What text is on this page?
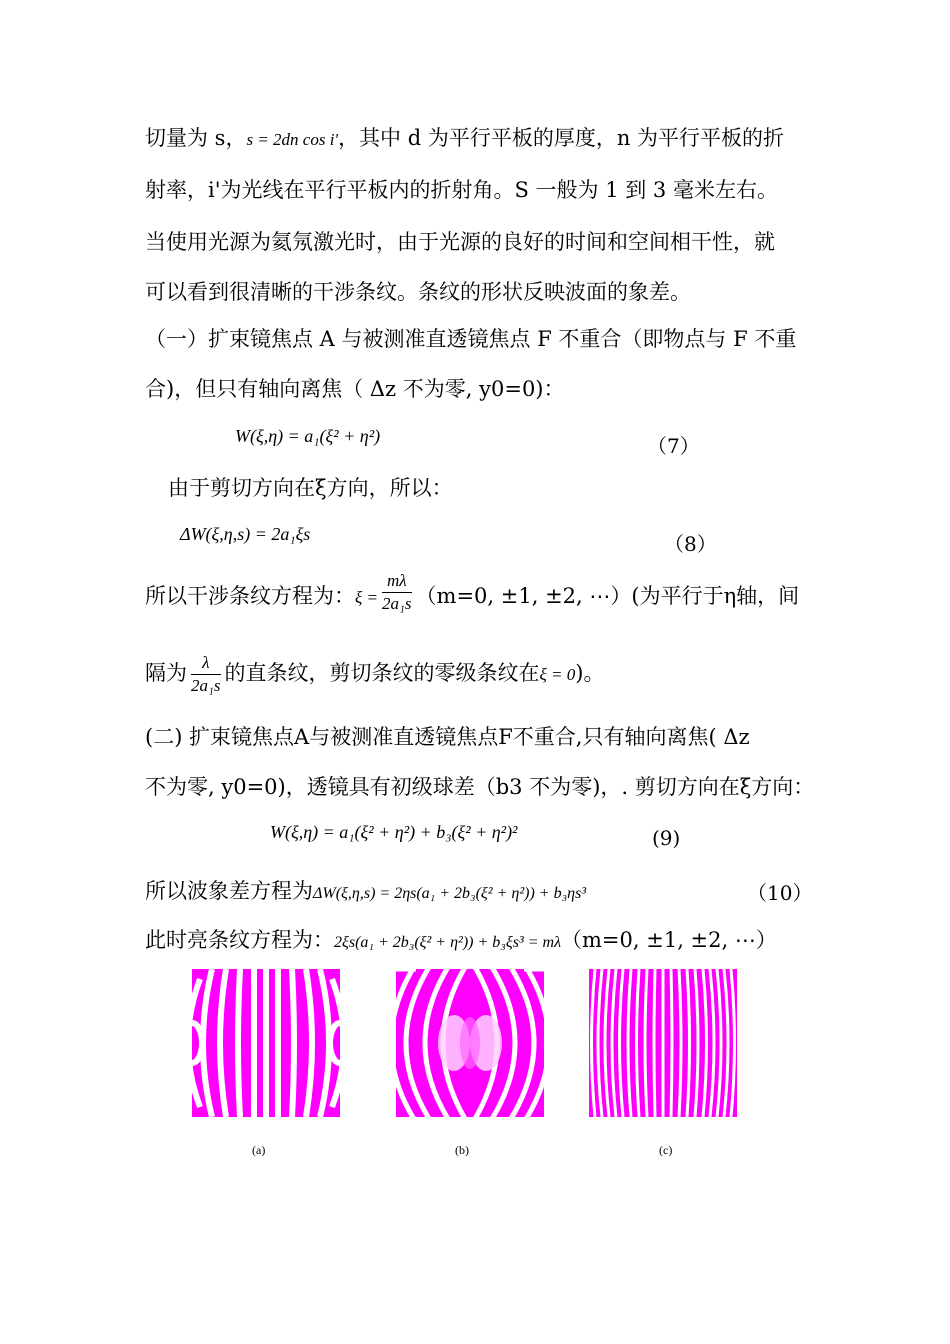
切量为 s，s = 2dn cos i'，其中 d 为平行平板的厚度，n 为平行平板的折
射率，i'为光线在平行平板内的折射角。S 一般为 1 到 3 毫米左右。
当使用光源为氦氖激光时，由于光源的良好的时间和空间相干性，就
可以看到很清晰的干涉条纹。条纹的形状反映波面的象差。
（一）扩束镜焦点 A 与被测准直透镜焦点 F 不重合（即物点与 F 不重
合)，但只有轴向离焦（ Δz 不为零, y0=0)：
W(ξ,η) = a₁(ξ² + η²)	（7）
由于剪切方向在ξ方向，所以：
ΔW(ξ,η,s) = 2a₁ξs	（8）
所以干涉条纹方程为：$\xi = \frac{m\lambda}{\text{2a₁s}} (m=0$, ±1, ±2, ⋯）(为平行于η轴，间
隔为 $\frac{\lambda}{\text{2a₁s}}$ 的直条纹，剪切条纹的零级条纹在ξ = 0)。
(二) 扩束镜焦点A与被测准直透镜焦点F不重合,只有轴向离焦( Δz
不为零, y0=0)，透镜具有初级球差（b3 不为零)，. 剪切方向在ξ方向：
W(ξ,η) = a₁(ξ² + η²) + b₃(ξ² + η²)²	(9)
所以波象差方程为ΔW(ξ,η,s) = 2ηs(a₁ + 2b₃(ξ² + η²)) + b₃ηs³	（10）
此时亮条纹方程为：2ξs(a₁ + 2b₃(ξ² + η²)) + b₃ξs³ = mλ（m=0, ±1, ±2, ⋯）
(a)	(b)	(c)
